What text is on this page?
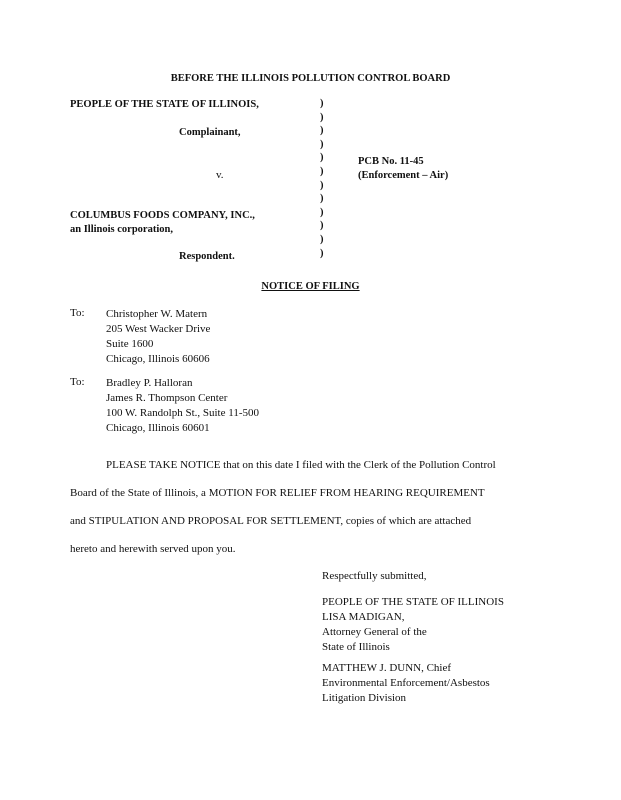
BEFORE THE ILLINOIS POLLUTION CONTROL BOARD
PEOPLE OF THE STATE OF ILLINOIS,
Complainant,
v.
COLUMBUS FOODS COMPANY, INC.,
an Illinois corporation,
Respondent.
)
)
)
)
)
)
)
)
)
)
)
)
PCB No. 11-45
(Enforcement – Air)
NOTICE OF FILING
To: Christopher W. Matern
205 West Wacker Drive
Suite 1600
Chicago, Illinois 60606
To: Bradley P. Halloran
James R. Thompson Center
100 W. Randolph St., Suite 11-500
Chicago, Illinois 60601
PLEASE TAKE NOTICE that on this date I filed with the Clerk of the Pollution Control
Board of the State of Illinois, a MOTION FOR RELIEF FROM HEARING REQUIREMENT
and STIPULATION AND PROPOSAL FOR SETTLEMENT, copies of which are attached
hereto and herewith served upon you.
Respectfully submitted,
PEOPLE OF THE STATE OF ILLINOIS
LISA MADIGAN,
Attorney General of the
State of Illinois
MATTHEW J. DUNN, Chief
Environmental Enforcement/Asbestos
Litigation Division
